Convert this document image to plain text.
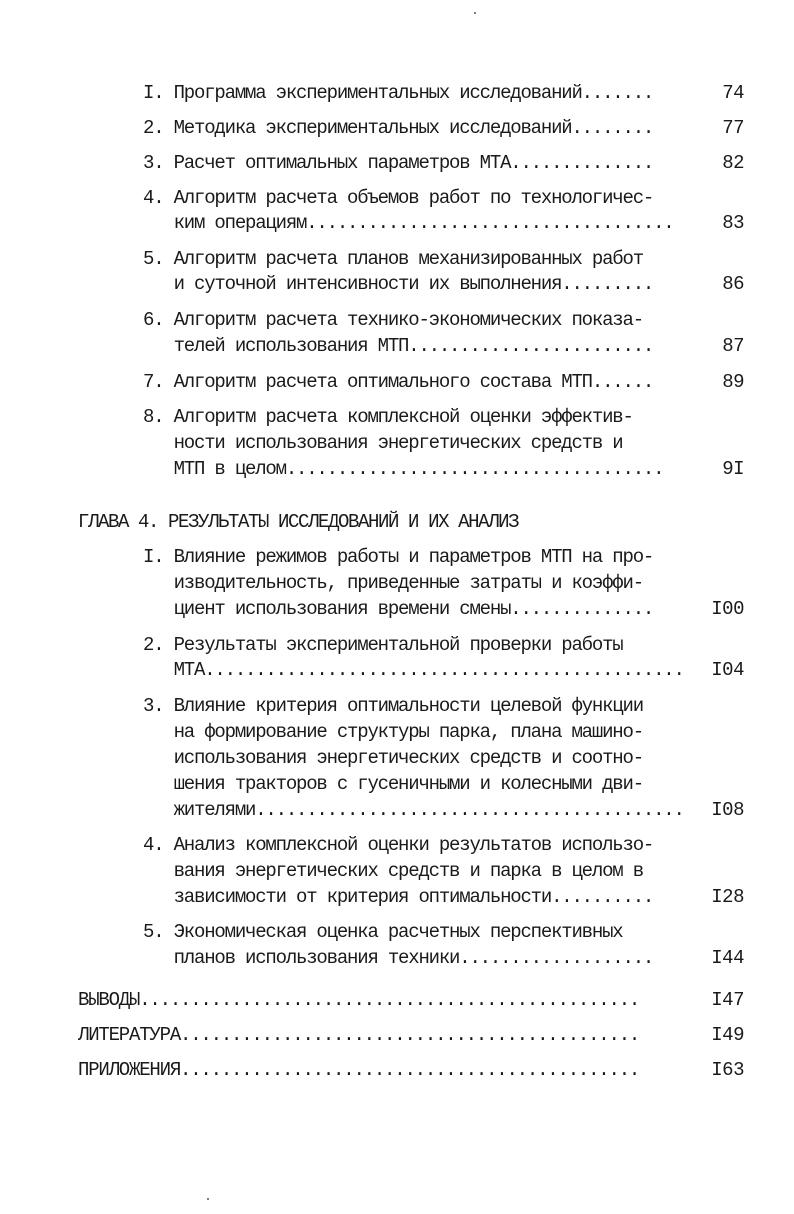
I. Программа экспериментальных исследований.......	74
2. Методика экспериментальных исследований........	77
3. Расчет оптимальных параметров МТА..............	82
4. Алгоритм расчета объемов работ по технологичес-
ким операциям....................................	83
5. Алгоритм расчета планов механизированных работ
и суточной интенсивности их выполнения.........	86
6. Алгоритм расчета технико-экономических показа-
телей использования МТП........................	87
7. Алгоритм расчета оптимального состава МТП......	89
8. Алгоритм расчета комплексной оценки эффектив-
ности использования энергетических средств и
МТП в целом.....................................	9I
ГЛАВА 4. РЕЗУЛЬТАТЫ ИССЛЕДОВАНИЙ И ИХ АНАЛИЗ
I. Влияние режимов работы и параметров МТП на про-
изводительность, приведенные затраты и коэффи-
циент использования времени смены..............	I00
2. Результаты экспериментальной проверки работы
МТА...............................................	I04
3. Влияние критерия оптимальности целевой функции
на формирование структуры парка, плана машино-
использования энергетических средств и соотно-
шения тракторов с гусеничными и колесными дви-
жителями..........................................	I08
4. Анализ комплексной оценки результатов использо-
вания энергетических средств и парка в целом в
зависимости от критерия оптимальности..........	I28
5. Экономическая оценка расчетных перспективных
планов использования техники...................	I44
ВЫВОДЫ.................................................	I47
ЛИТЕРАТУРА.............................................	I49
ПРИЛОЖЕНИЯ.............................................	I63
